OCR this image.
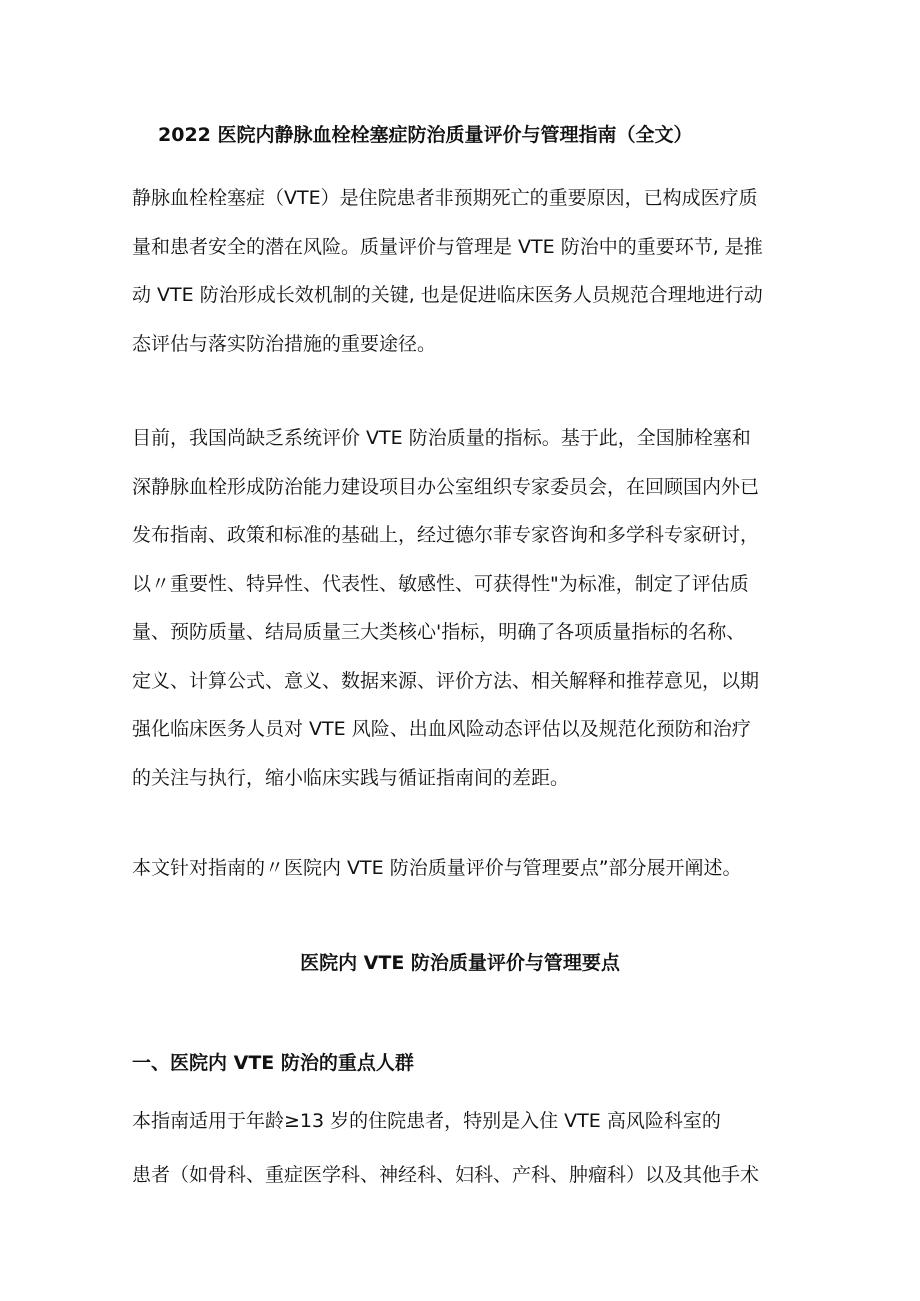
2022 医院内静脉血栓栓塞症防治质量评价与管理指南（全文）

静脉血栓栓塞症（VTE）是住院患者非预期死亡的重要原因，已构成医疗质
量和患者安全的潜在风险。质量评价与管理是 VTE 防治中的重要环节, 是推
动 VTE 防治形成长效机制的关键, 也是促进临床医务人员规范合理地进行动
态评估与落实防治措施的重要途径。

目前，我国尚缺乏系统评价 VTE 防治质量的指标。基于此，全国肺栓塞和
深静脉血栓形成防治能力建设项目办公室组织专家委员会，在回顾国内外已
发布指南、政策和标准的基础上，经过德尔菲专家咨询和多学科专家研讨，
以〃重要性、特异性、代表性、敏感性、可获得性"为标准，制定了评估质
量、预防质量、结局质量三大类核心'指标，明确了各项质量指标的名称、
定义、计算公式、意义、数据来源、评价方法、相关解释和推荐意见，以期
强化临床医务人员对 VTE 风险、出血风险动态评估以及规范化预防和治疗
的关注与执行，缩小临床实践与循证指南间的差距。

本文针对指南的〃医院内 VTE 防治质量评价与管理要点”部分展开阐述。

医院内 VTE 防治质量评价与管理要点
一、医院内 VTE 防治的重点人群

本指南适用于年龄≥13 岁的住院患者，特别是入住 VTE 高风险科室的
患者（如骨科、重症医学科、神经科、妇科、产科、肿瘤科）以及其他手术
